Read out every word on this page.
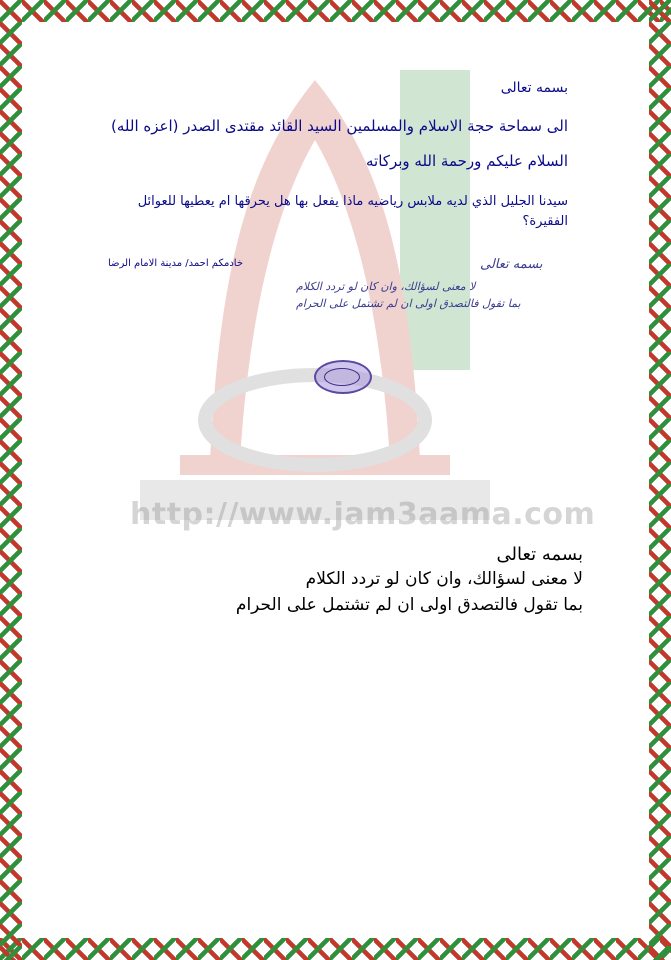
http://www.jam3aama.com
بسمه تعالى
الى سماحة حجة الاسلام والمسلمين السيد القائد مقتدى الصدر (اعزه الله)
السلام عليكم ورحمة الله وبركاته
سيدنا الجليل الذي لديه ملابس رياضيه ماذا يفعل بها هل يحرقها ام يعطيها للعوائل
الفقيرة؟
خادمكم احمد/ مدينة الامام الرضا	بسمه تعالى
لا معنى لسؤالك، وان كان لو تردد الكلام
بما تقول فالتصدق اولى ان لم تشتمل على الحرام
بسمه تعالى
لا معنى لسؤالك، وان كان لو تردد الكلام
بما تقول فالتصدق اولى ان لم تشتمل على الحرام
